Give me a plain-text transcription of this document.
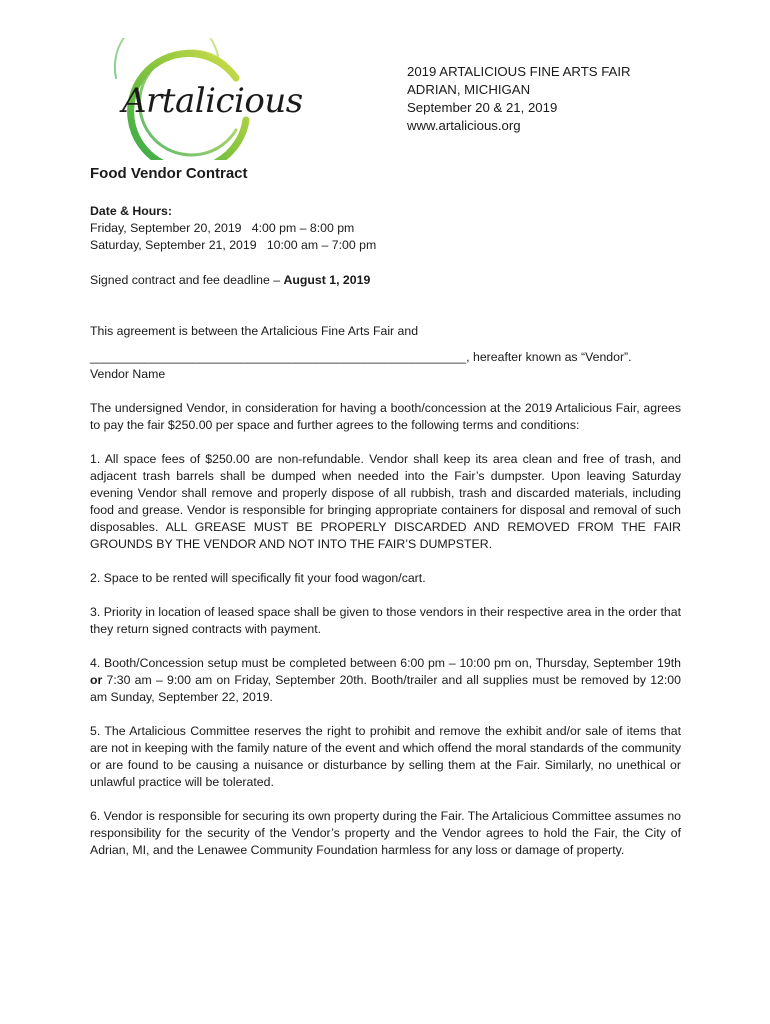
Artalicious
2019 ARTALICIOUS FINE ARTS FAIR
ADRIAN, MICHIGAN
September 20 & 21, 2019
www.artalicious.org
Food Vendor Contract
Date & Hours:
Friday, September 20, 2019   4:00 pm – 8:00 pm
Saturday, September 21, 2019   10:00 am – 7:00 pm
Signed contract and fee deadline – August 1, 2019
This agreement is between the Artalicious Fine Arts Fair and
_______________________________________________________, hereafter known as “Vendor”.
Vendor Name
The undersigned Vendor, in consideration for having a booth/concession at the 2019 Artalicious Fair, agrees to pay the fair $250.00 per space and further agrees to the following terms and conditions:
1. All space fees of $250.00 are non-refundable. Vendor shall keep its area clean and free of trash, and adjacent trash barrels shall be dumped when needed into the Fair’s dumpster. Upon leaving Saturday evening Vendor shall remove and properly dispose of all rubbish, trash and discarded materials, including food and grease. Vendor is responsible for bringing appropriate containers for disposal and removal of such disposables. ALL GREASE MUST BE PROPERLY DISCARDED AND REMOVED FROM THE FAIR GROUNDS BY THE VENDOR AND NOT INTO THE FAIR’S DUMPSTER.
2. Space to be rented will specifically fit your food wagon/cart.
3. Priority in location of leased space shall be given to those vendors in their respective area in the order that they return signed contracts with payment.
4. Booth/Concession setup must be completed between 6:00 pm – 10:00 pm on, Thursday, September 19th or 7:30 am – 9:00 am on Friday, September 20th. Booth/trailer and all supplies must be removed by 12:00 am Sunday, September 22, 2019.
5. The Artalicious Committee reserves the right to prohibit and remove the exhibit and/or sale of items that are not in keeping with the family nature of the event and which offend the moral standards of the community or are found to be causing a nuisance or disturbance by selling them at the Fair. Similarly, no unethical or unlawful practice will be tolerated.
6. Vendor is responsible for securing its own property during the Fair. The Artalicious Committee assumes no responsibility for the security of the Vendor’s property and the Vendor agrees to hold the Fair, the City of Adrian, MI, and the Lenawee Community Foundation harmless for any loss or damage of property.
